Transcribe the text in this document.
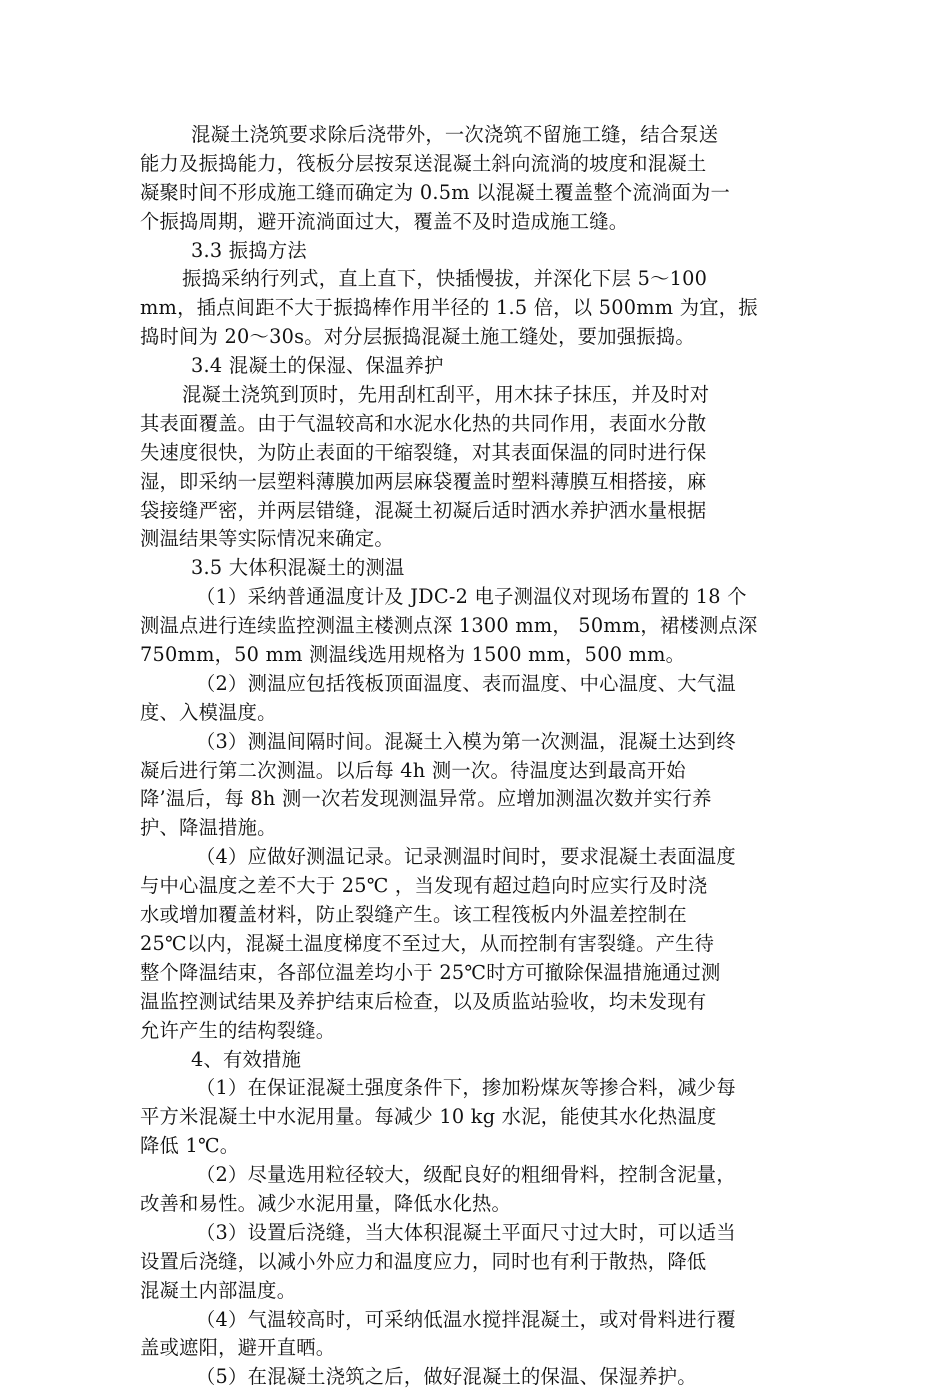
混凝土浇筑要求除后浇带外，一次浇筑不留施工缝，结合泵送
能力及振捣能力，筏板分层按泵送混凝土斜向流淌的坡度和混凝土
凝聚时间不形成施工缝而确定为 0.5m 以混凝土覆盖整个流淌面为一
个振捣周期，避开流淌面过大，覆盖不及时造成施工缝。
3.3 振捣方法
振捣采纳行列式，直上直下，快插慢拔，并深化下层 5～100
mm，插点间距不大于振捣棒作用半径的 1.5 倍，以 500mm 为宜，振
捣时间为 20～30s。对分层振捣混凝土施工缝处，要加强振捣。
3.4 混凝土的保湿、保温养护
混凝土浇筑到顶时，先用刮杠刮平，用木抹子抹压，并及时对
其表面覆盖。由于气温较高和水泥水化热的共同作用，表面水分散
失速度很快，为防止表面的干缩裂缝，对其表面保温的同时进行保
湿，即采纳一层塑料薄膜加两层麻袋覆盖时塑料薄膜互相搭接，麻
袋接缝严密，并两层错缝，混凝土初凝后适时洒水养护洒水量根据
测温结果等实际情况来确定。
3.5 大体积混凝土的测温
（1）采纳普通温度计及 JDC-2 电子测温仪对现场布置的 18 个
测温点进行连续监控测温主楼测点深 1300 mm， 50mm，裙楼测点深
750mm，50 mm 测温线选用规格为 1500 mm，500 mm。
（2）测温应包括筏板顶面温度、表而温度、中心温度、大气温
度、入模温度。
（3）测温间隔时间。混凝土入模为第一次测温，混凝土达到终
凝后进行第二次测温。以后每 4h 测一次。待温度达到最高开始
降’温后，每 8h 测一次若发现测温异常。应增加测温次数并实行养
护、降温措施。
（4）应做好测温记录。记录测温时间时，要求混凝土表面温度
与中心温度之差不大于 25℃ ，当发现有超过趋向时应实行及时浇
水或增加覆盖材料，防止裂缝产生。该工程筏板内外温差控制在
25℃以内，混凝土温度梯度不至过大，从而控制有害裂缝。产生待
整个降温结束，各部位温差均小于 25℃时方可撤除保温措施通过测
温监控测试结果及养护结束后检查，以及质监站验收，均未发现有
允许产生的结构裂缝。
4、有效措施
（1）在保证混凝土强度条件下，掺加粉煤灰等掺合料，减少每
平方米混凝土中水泥用量。每减少 10 kg 水泥，能使其水化热温度
降低 1℃。
（2）尽量选用粒径较大，级配良好的粗细骨料，控制含泥量，
改善和易性。减少水泥用量，降低水化热。
（3）设置后浇缝，当大体积混凝土平面尺寸过大时，可以适当
设置后浇缝，以减小外应力和温度应力，同时也有利于散热，降低
混凝土内部温度。
（4）气温较高时，可采纳低温水搅拌混凝土，或对骨料进行覆
盖或遮阳，避开直晒。
（5）在混凝土浇筑之后，做好混凝土的保温、保湿养护。
